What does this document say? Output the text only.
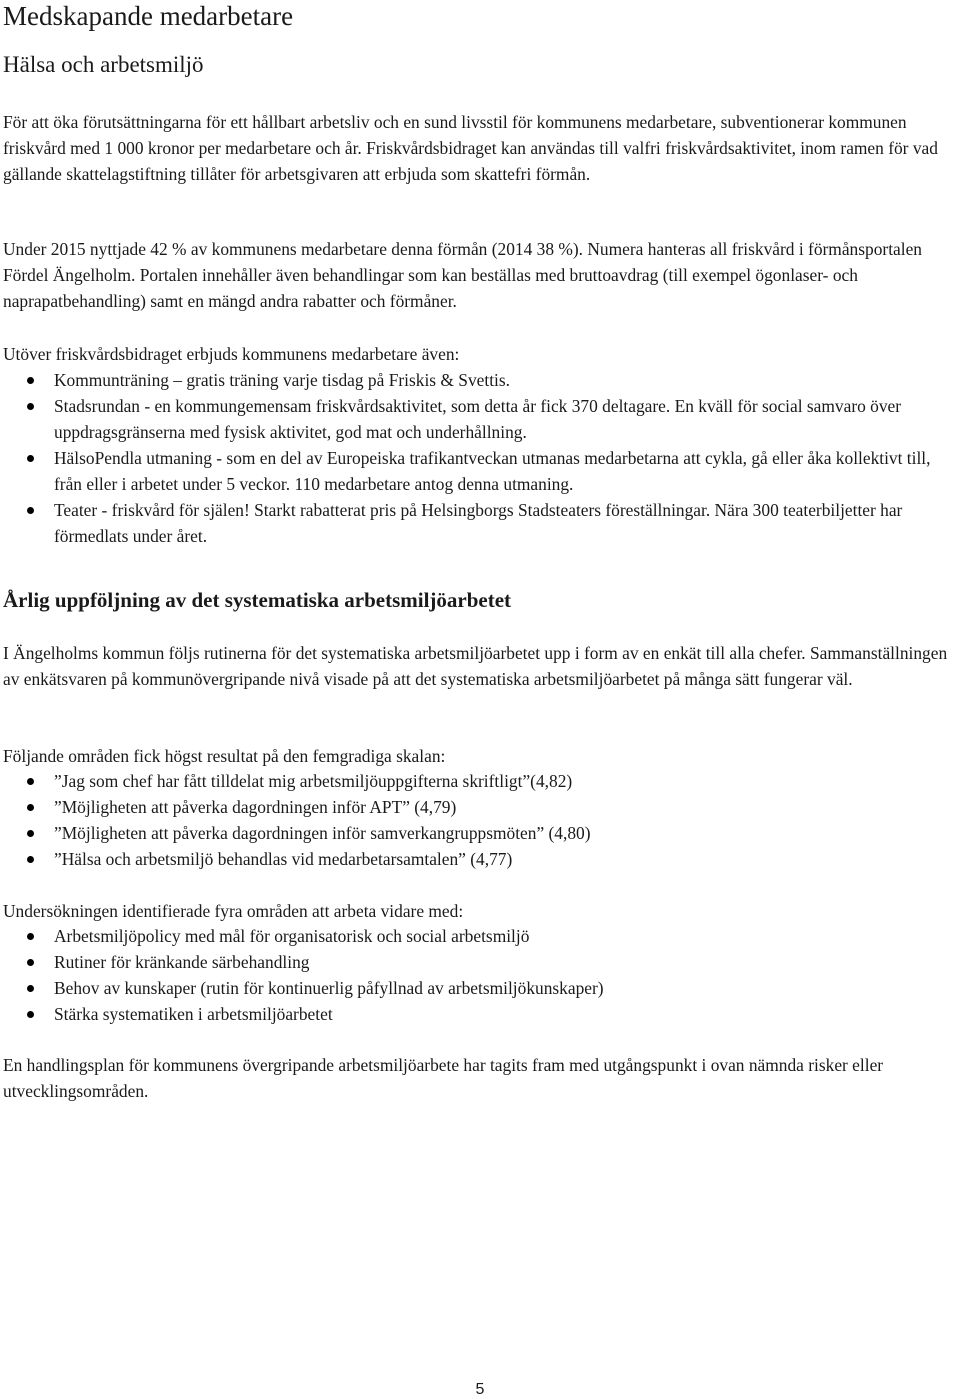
Medskapande medarbetare
Hälsa och arbetsmiljö

För att öka förutsättningarna för ett hållbart arbetsliv och en sund livsstil för kommunens medarbetare, subventionerar kommunen friskvård med 1 000 kronor per medarbetare och år. Friskvårdsbidraget kan användas till valfri friskvårdsaktivitet, inom ramen för vad gällande skattelagstiftning tillåter för arbetsgivaren att erbjuda som skattefri förmån.

Under 2015 nyttjade 42 % av kommunens medarbetare denna förmån (2014 38 %). Numera hanteras all friskvård i förmånsportalen Fördel Ängelholm. Portalen innehåller även behandlingar som kan beställas med bruttoavdrag (till exempel ögonlaser- och naprapatbehandling) samt en mängd andra rabatter och förmåner.

Utöver friskvårdsbidraget erbjuds kommunens medarbetare även:

Kommunträning – gratis träning varje tisdag på Friskis & Svettis.
Stadsrundan - en kommungemensam friskvårdsaktivitet, som detta år fick 370 deltagare. En kväll för social samvaro över uppdragsgränserna med fysisk aktivitet, god mat och underhållning.
HälsoPendla utmaning - som en del av Europeiska trafikantveckan utmanas medarbetarna att cykla, gå eller åka kollektivt till, från eller i arbetet under 5 veckor. 110 medarbetare antog denna utmaning.
Teater - friskvård för själen! Starkt rabatterat pris på Helsingborgs Stadsteaters föreställningar. Nära 300 teaterbiljetter har förmedlats under året.
Årlig uppföljning av det systematiska arbetsmiljöarbetet

I Ängelholms kommun följs rutinerna för det systematiska arbetsmiljöarbetet upp i form av en enkät till alla chefer. Sammanställningen av enkätsvaren på kommunövergripande nivå visade på att det systematiska arbetsmiljöarbetet på många sätt fungerar väl.

Följande områden fick högst resultat på den femgradiga skalan:

”Jag som chef har fått tilldelat mig arbetsmiljöuppgifterna skriftligt”(4,82)
”Möjligheten att påverka dagordningen inför APT” (4,79)
”Möjligheten att påverka dagordningen inför samverkangruppsmöten” (4,80)
”Hälsa och arbetsmiljö behandlas vid medarbetarsamtalen” (4,77)

Undersökningen identifierade fyra områden att arbeta vidare med:

Arbetsmiljöpolicy med mål för organisatorisk och social arbetsmiljö
Rutiner för kränkande särbehandling
Behov av kunskaper (rutin för kontinuerlig påfyllnad av arbetsmiljökunskaper)
Stärka systematiken i arbetsmiljöarbetet

En handlingsplan för kommunens övergripande arbetsmiljöarbete har tagits fram med utgångspunkt i ovan nämnda risker eller utvecklingsområden.

5
